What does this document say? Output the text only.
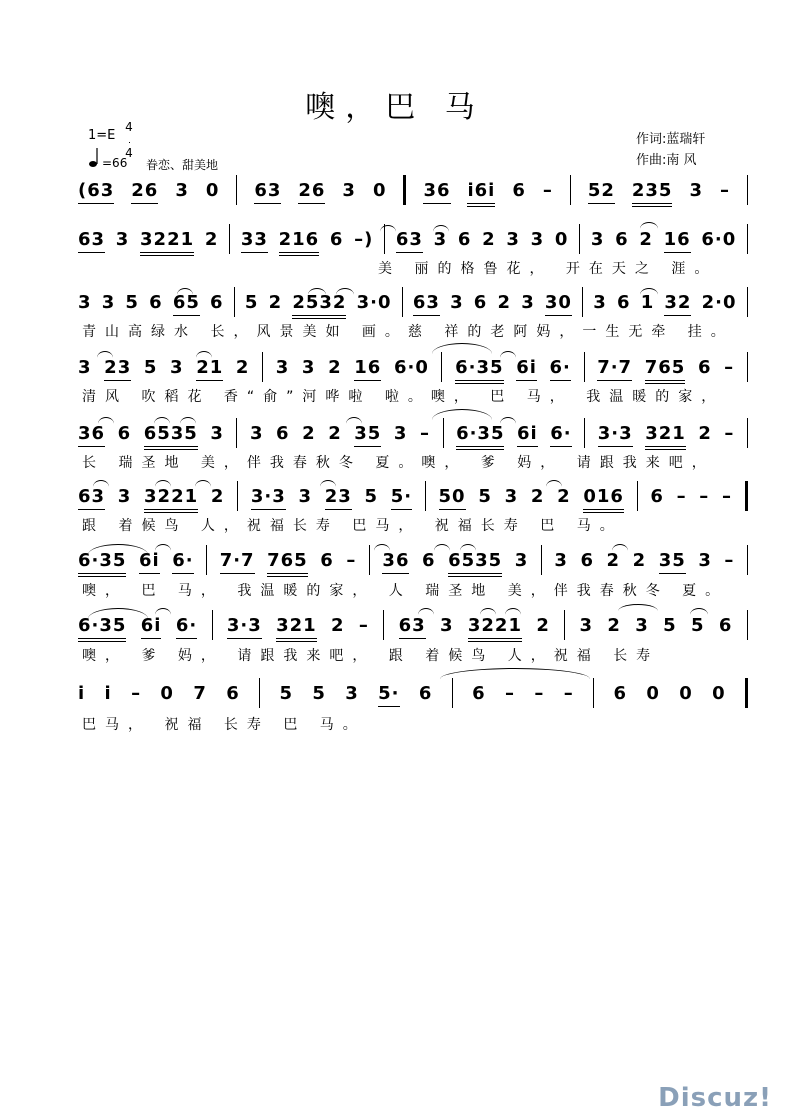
噢，巴 马
1=E
4
4
=66 眷恋、甜美地
作词:蓝瑞轩
作曲:南 风
(63 26 3 0 63 26 3 0 36 i6i 6 – 52 235 3 –
63 3 3221 2 33 216 6 –) 63 3 6 2 3 3 0 3 6 2 16 6·0
美 丽的格鲁花， 开在天之 涯。
3 3 5 6 65 6 5 2 2532 3·0 63 3 6 2 3 30 3 6 1 32 2·0
青山高绿水 长，风景美如 画。慈 祥的老阿妈，一生无牵 挂。
3 23 5 3 21 2 3 3 2 16 6·0 6·35 6i 6· 7·7 765 6 –
清风 吹稻花 香“俞”河哗啦 啦。噢， 巴 马， 我温暖的家，
36 6 6535 3 3 6 2 2 35 3 – 6·35 6i 6· 3·3 321 2 –
长 瑞圣地 美，伴我春秋冬 夏。噢， 爹 妈， 请跟我来吧，
63 3 3221 2 3·3 3 23 5 5· 50 5 3 2 2 016 6 – – –
跟 着候鸟 人，祝福长寿 巴马， 祝福长寿 巴 马。
6·35 6i 6· 7·7 765 6 – 36 6 6535 3 3 6 2 2 35 3 –
噢， 巴 马， 我温暖的家， 人 瑞圣地 美，伴我春秋冬 夏。
6·35 6i 6· 3·3 321 2 – 63 3 3221 2 3 2 3 5 5 6
噢， 爹 妈， 请跟我来吧， 跟 着候鸟 人，祝福 长寿
i i – 0 7 6 5 5 3 5· 6 6 – – – 6 0 0 0
巴马， 祝福 长寿 巴 马。
Discuz!
